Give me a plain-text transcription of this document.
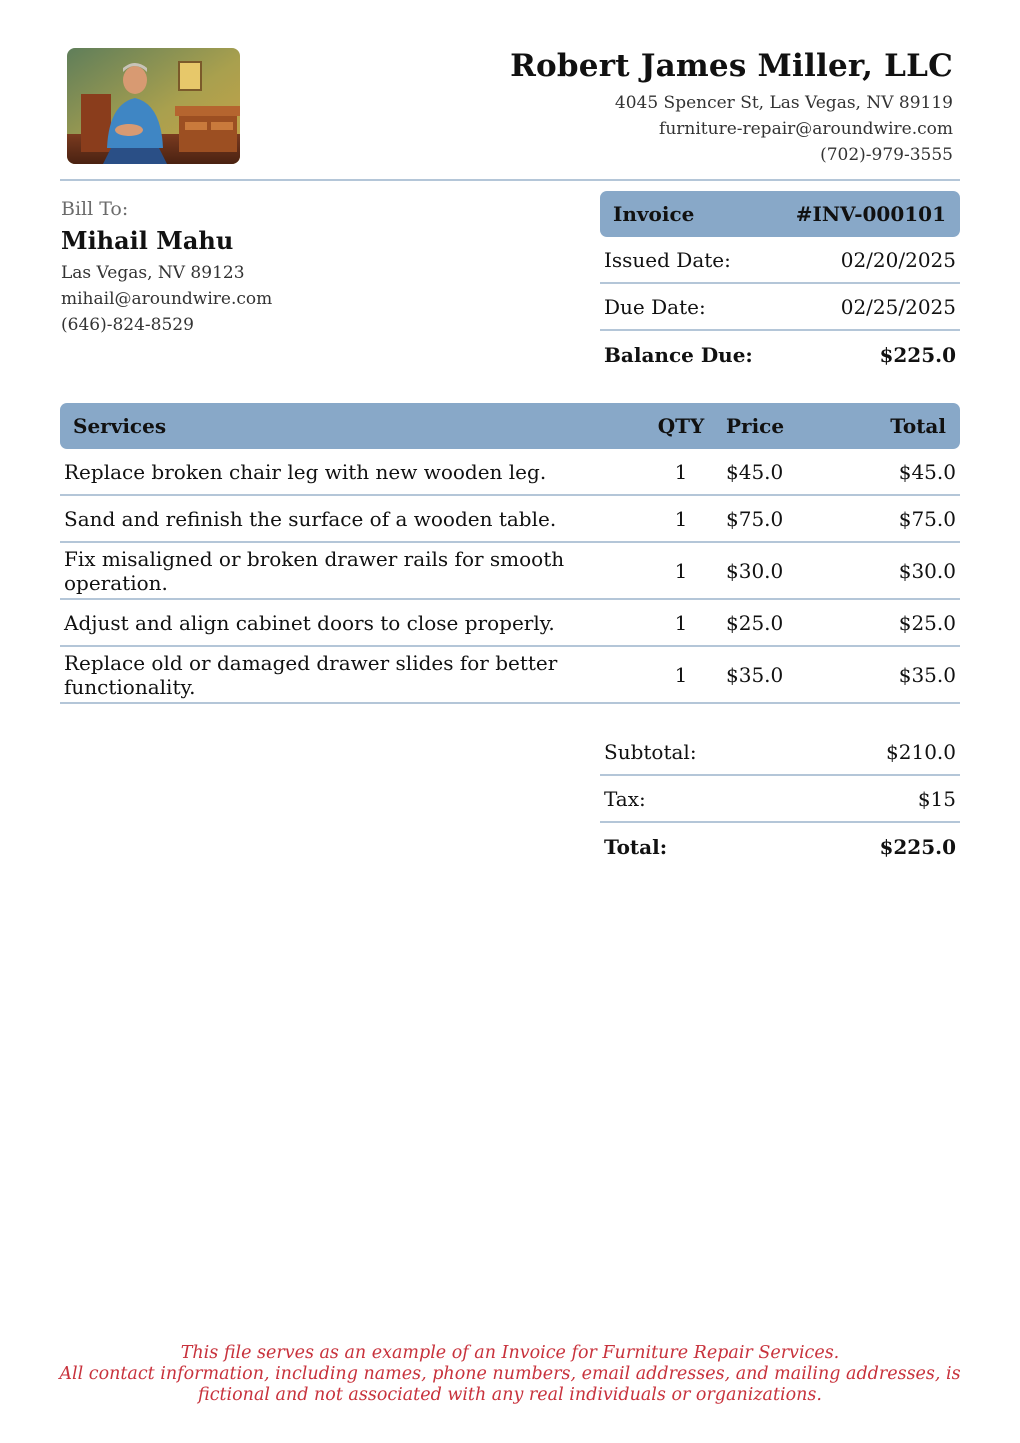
Robert James Miller, LLC
4045 Spencer St, Las Vegas, NV 89119
furniture-repair@aroundwire.com
(702)-979-3555
Bill To:
Mihail Mahu
Las Vegas, NV 89123
mihail@aroundwire.com
(646)-824-8529
Invoice	#INV-000101
Issued Date:	02/20/2025
Due Date:	02/25/2025
Balance Due:	$225.0
Services	QTY	Price	Total
Replace broken chair leg with new wooden leg.	1	$45.0	$45.0
Sand and refinish the surface of a wooden table.	1	$75.0	$75.0
Fix misaligned or broken drawer rails for smooth operation.	1	$30.0	$30.0
Adjust and align cabinet doors to close properly.	1	$25.0	$25.0
Replace old or damaged drawer slides for better functionality.	1	$35.0	$35.0
Subtotal:	$210.0
Tax:	$15
Total:	$225.0
This file serves as an example of an Invoice for Furniture Repair Services.
All contact information, including names, phone numbers, email addresses, and mailing addresses, is
fictional and not associated with any real individuals or organizations.
